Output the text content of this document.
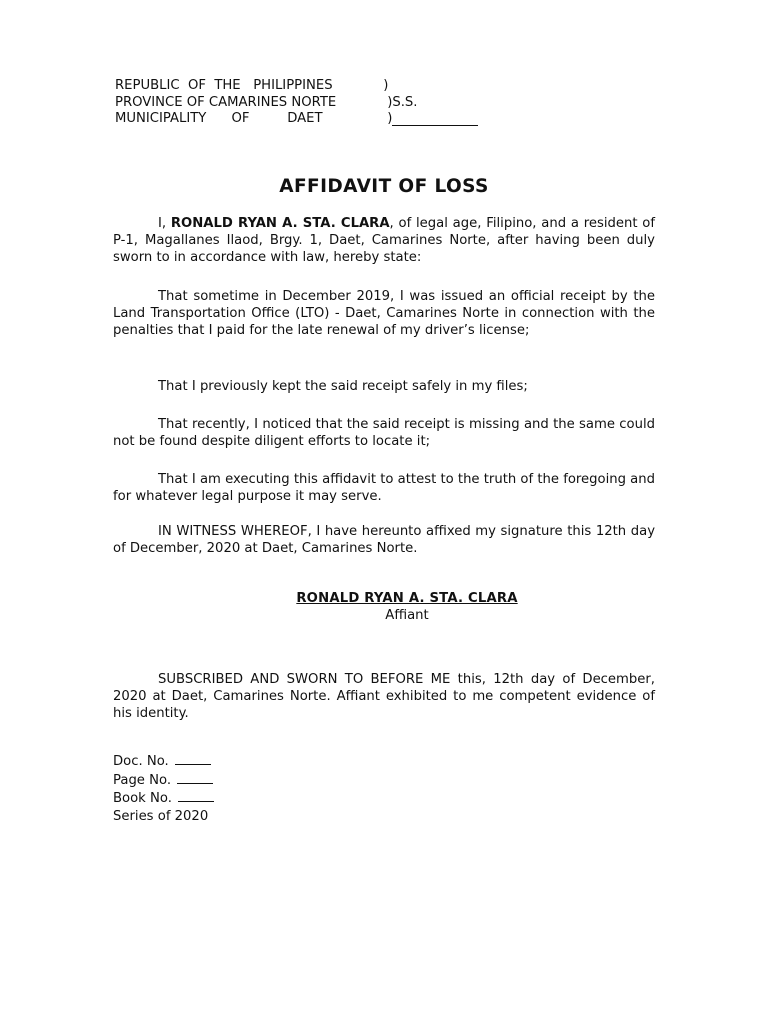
REPUBLIC  OF  THE   PHILIPPINES	)
PROVINCE OF CAMARINES NORTE	)S.S.
MUNICIPALITY      OF         DAET	)
AFFIDAVIT OF LOSS

I, RONALD RYAN A. STA. CLARA, of legal age, Filipino, and a resident of P-1, Magallanes Ilaod, Brgy. 1, Daet, Camarines Norte, after having been duly sworn to in accordance with law, hereby state:

That sometime in December 2019, I was issued an official receipt by the Land Transportation Office (LTO) - Daet, Camarines Norte in connection with the penalties that I paid for the late renewal of my driver’s license;

That I previously kept the said receipt safely in my files;

That recently, I noticed that the said receipt is missing and the same could not be found despite diligent efforts to locate it;

That I am executing this affidavit to attest to the truth of the foregoing and for whatever legal purpose it may serve.

IN WITNESS WHEREOF, I have hereunto affixed my signature this 12th day of December, 2020 at Daet, Camarines Norte.

RONALD RYAN A. STA. CLARA
Affiant

SUBSCRIBED AND SWORN TO BEFORE ME this, 12th day of December, 2020 at Daet, Camarines Norte. Affiant exhibited to me competent evidence of his identity.

Doc. No.
Page No.
Book No.
Series of 2020
